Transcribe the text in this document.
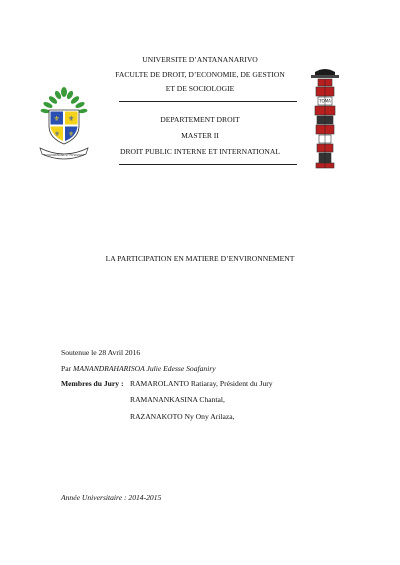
⚜ ⚜
⚜ ⚜
FAHAMARINANA SY FAHAIZANA
TOMA
UNIVERSITE D’ANTANANARIVO
FACULTE DE DROIT, D’ECONOMIE, DE GESTION
ET DE SOCIOLOGIE
DEPARTEMENT DROIT
MASTER II
DROIT PUBLIC INTERNE ET INTERNATIONAL
LA PARTICIPATION EN MATIERE D’ENVIRONNEMENT
Soutenue le 28 Avril 2016
Par MANANDRAHARISOA Julie Edesse Soafaniry
Membres du Jury : RAMAROLANTO Ratiaray, Président du Jury
RAMANANKASINA Chantal,
RAZANAKOTO Ny Ony Arilaza,
Année Universitaire : 2014-2015
